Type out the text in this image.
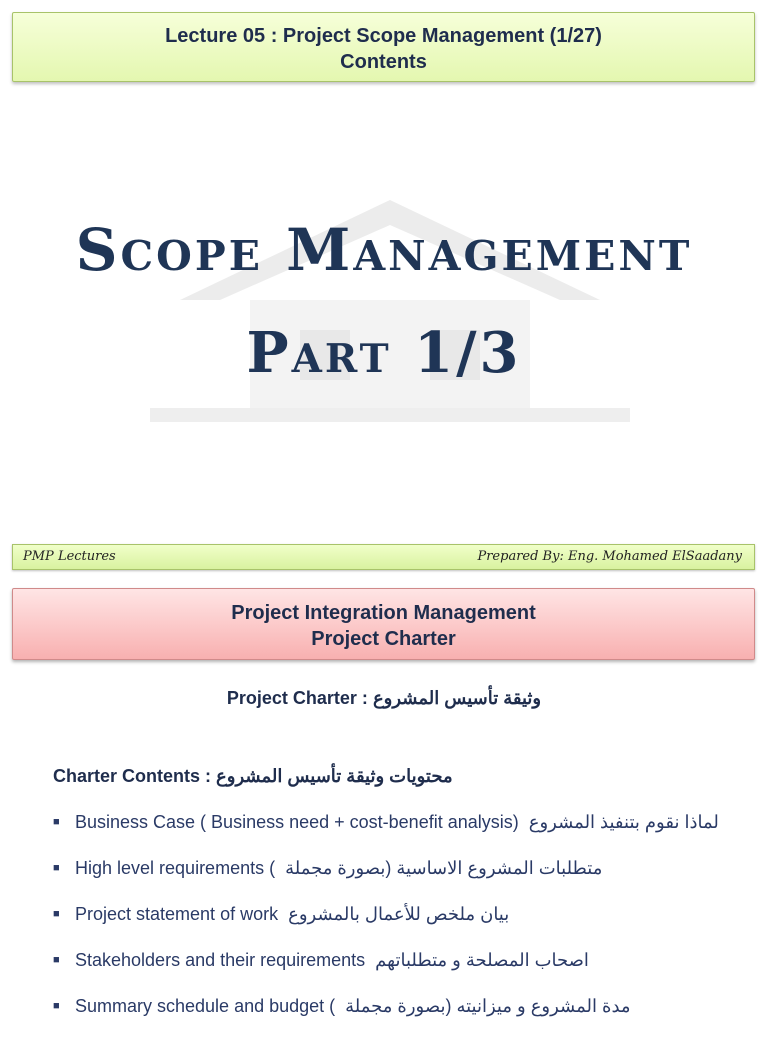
Lecture 05 : Project Scope Management (1/27)
Contents
Scope Management
Part 1/3
PMP Lectures	Prepared By: Eng. Mohamed ElSaadany
Project Integration Management
Project Charter
Project Charter : وثيقة تأسيس المشروع
Charter Contents : محتويات وثيقة تأسيس المشروع
■ Business Case ( Business need + cost-benefit analysis) لماذا نقوم بتنفيذ المشروع
■ High level requirements ( متطلبات المشروع الاساسية (بصورة مجملة
■ Project statement of work بيان ملخص للأعمال بالمشروع
■ Stakeholders and their requirements اصحاب المصلحة و متطلباتهم
■ Summary schedule and budget ( مدة المشروع و ميزانيته (بصورة مجملة
